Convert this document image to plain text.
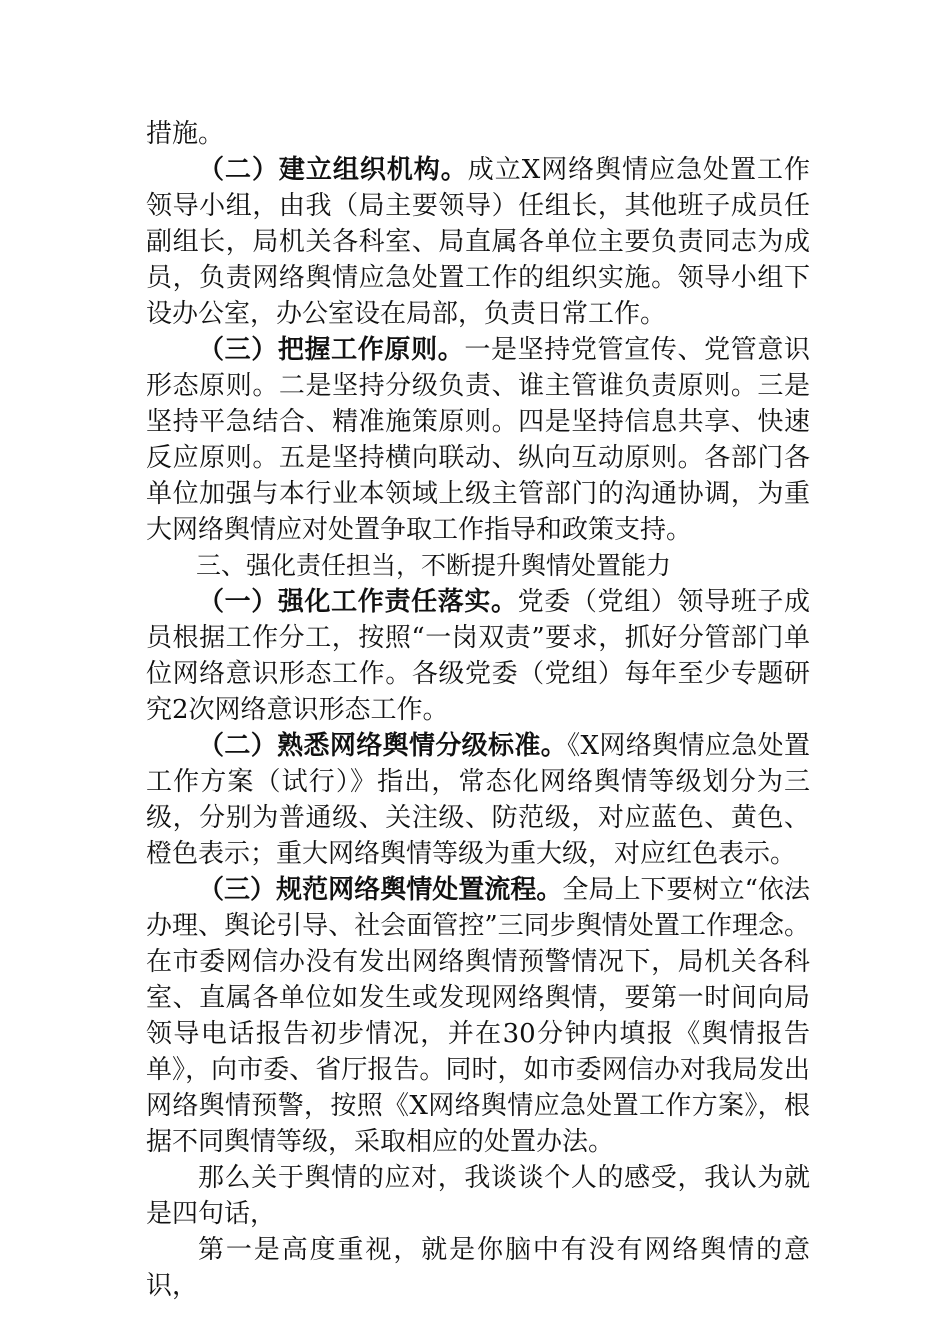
措施。

（二）建立组织机构。成立X网络舆情应急处置工作领导小组，由我（局主要领导）任组长，其他班子成员任副组长，局机关各科室、局直属各单位主要负责同志为成员，负责网络舆情应急处置工作的组织实施。领导小组下设办公室，办公室设在局部，负责日常工作。

（三）把握工作原则。一是坚持党管宣传、党管意识形态原则。二是坚持分级负责、谁主管谁负责原则。三是坚持平急结合、精准施策原则。四是坚持信息共享、快速反应原则。五是坚持横向联动、纵向互动原则。各部门各单位加强与本行业本领域上级主管部门的沟通协调，为重大网络舆情应对处置争取工作指导和政策支持。

三、强化责任担当，不断提升舆情处置能力

（一）强化工作责任落实。党委（党组）领导班子成员根据工作分工，按照“一岗双责”要求，抓好分管部门单位网络意识形态工作。各级党委（党组）每年至少专题研究2次网络意识形态工作。

（二）熟悉网络舆情分级标准。《X网络舆情应急处置工作方案（试行）》指出，常态化网络舆情等级划分为三级，分别为普通级、关注级、防范级，对应蓝色、黄色、橙色表示；重大网络舆情等级为重大级，对应红色表示。

（三）规范网络舆情处置流程。全局上下要树立“依法办理、舆论引导、社会面管控”三同步舆情处置工作理念。在市委网信办没有发出网络舆情预警情况下，局机关各科室、直属各单位如发生或发现网络舆情，要第一时间向局领导电话报告初步情况，并在30分钟内填报《舆情报告单》，向市委、省厅报告。同时，如市委网信办对我局发出网络舆情预警，按照《X网络舆情应急处置工作方案》，根据不同舆情等级，采取相应的处置办法。

那么关于舆情的应对，我谈谈个人的感受，我认为就是四句话，

第一是高度重视，就是你脑中有没有网络舆情的意识，
